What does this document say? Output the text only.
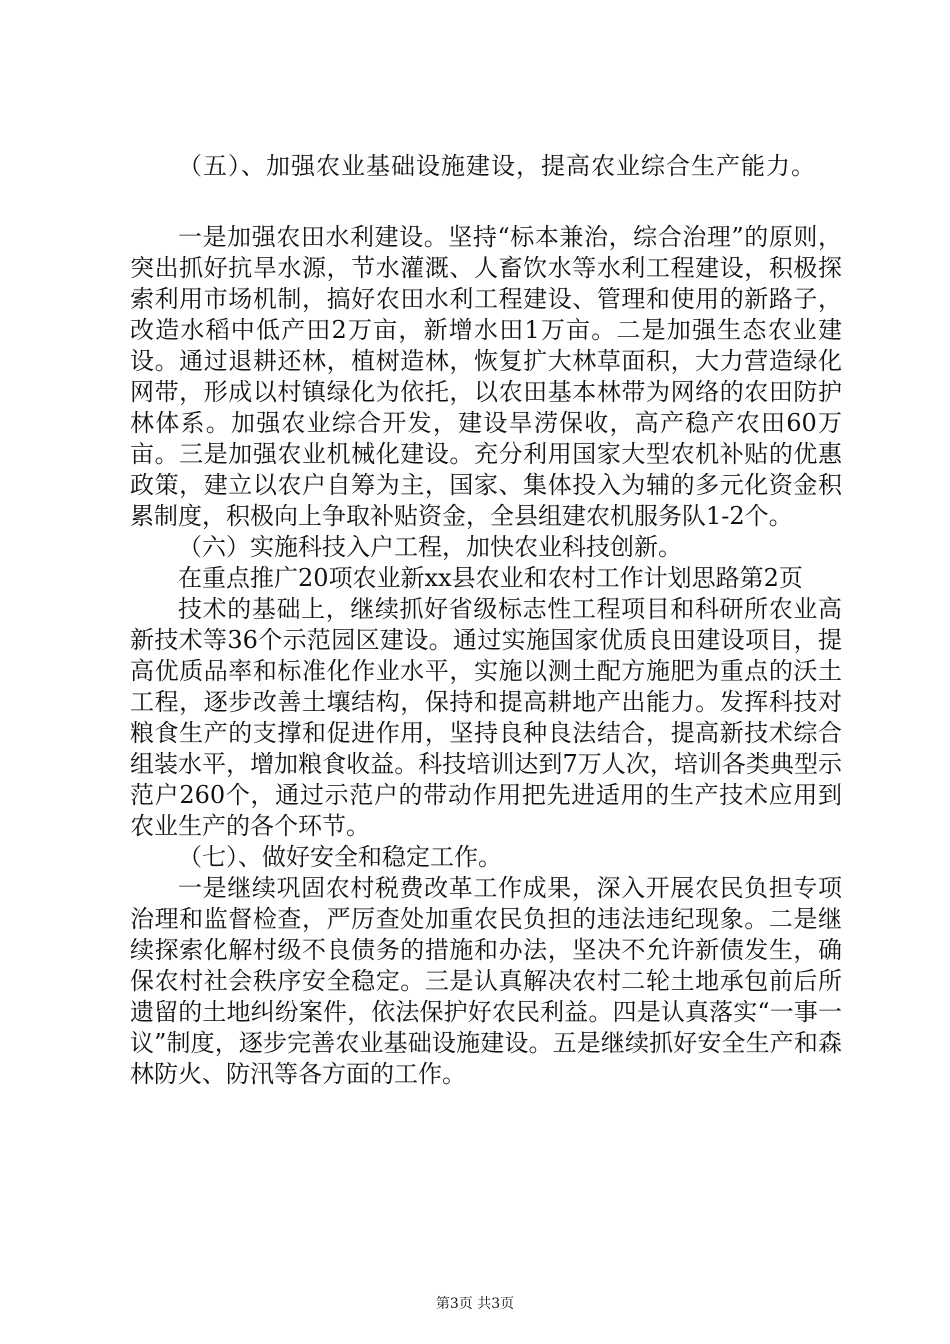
（五）、加强农业基础设施建设，提高农业综合生产能力。

一是加强农田水利建设。坚持“标本兼治，综合治理”的原则，突出抓好抗旱水源，节水灌溉、人畜饮水等水利工程建设，积极探索利用市场机制，搞好农田水利工程建设、管理和使用的新路子，改造水稻中低产田2万亩，新增水田1万亩。二是加强生态农业建设。通过退耕还林，植树造林，恢复扩大林草面积，大力营造绿化网带，形成以村镇绿化为依托，以农田基本林带为网络的农田防护林体系。加强农业综合开发，建设旱涝保收，高产稳产农田60万亩。三是加强农业机械化建设。充分利用国家大型农机补贴的优惠政策，建立以农户自筹为主，国家、集体投入为辅的多元化资金积累制度，积极向上争取补贴资金，全县组建农机服务队1-2个。

（六）实施科技入户工程，加快农业科技创新。

在重点推广20项农业新xx县农业和农村工作计划思路第2页

技术的基础上，继续抓好省级标志性工程项目和科研所农业高新技术等36个示范园区建设。通过实施国家优质良田建设项目，提高优质品率和标准化作业水平，实施以测土配方施肥为重点的沃土工程，逐步改善土壤结构，保持和提高耕地产出能力。发挥科技对粮食生产的支撑和促进作用，坚持良种良法结合，提高新技术综合组装水平，增加粮食收益。科技培训达到7万人次，培训各类典型示范户260个，通过示范户的带动作用把先进适用的生产技术应用到农业生产的各个环节。

（七）、做好安全和稳定工作。

一是继续巩固农村税费改革工作成果，深入开展农民负担专项治理和监督检查，严厉查处加重农民负担的违法违纪现象。二是继续探索化解村级不良债务的措施和办法，坚决不允许新债发生，确保农村社会秩序安全稳定。三是认真解决农村二轮土地承包前后所遗留的土地纠纷案件，依法保护好农民利益。四是认真落实“一事一议”制度，逐步完善农业基础设施建设。五是继续抓好安全生产和森林防火、防汛等各方面的工作。

第3页 共3页
